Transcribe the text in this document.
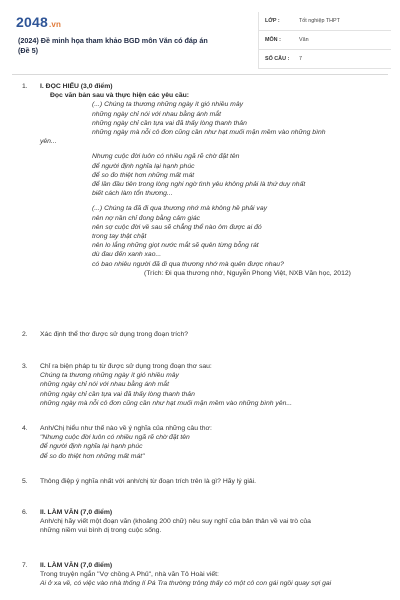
2048.vn
(2024) Đề minh họa tham khảo BGD môn Văn có đáp án
(Đề 5)
LỚP :	Tốt nghiệp THPT
MÔN :	Văn
SỐ CÂU :	7
1. I. ĐỌC HIỂU (3,0 điểm)
Đọc văn bản sau và thực hiện các yêu cầu:
(...) Chúng ta thương những ngày ít gió nhiều mây
những ngày chỉ nói với nhau bằng ánh mắt
những ngày chỉ cần tựa vai đã thấy lòng thanh thản
những ngày mà nỗi cô đơn cũng cần như hạt muối mặn mềm vào những bình
yên...
Nhưng cuộc đời luôn có nhiều ngã rẽ chờ đặt tên
để người định nghĩa lại hạnh phúc
để so đo thiệt hơn những mất mát
để lần đầu tiên trong lòng nghi ngờ tình yêu không phải là thứ duy nhất
biết cách làm tổn thương...
(...) Chúng ta đã đi qua thương nhớ mà không hề phải vay
nên nợ nần chỉ đong bằng cảm giác
nên sợ cuộc đời về sau sẽ chẳng thể nào ôm được ai đó
trong tay thật chặt
nên lo lắng những giọt nước mắt sẽ quên từng bỗng rát
dù đau đến xanh xao...
có bao nhiêu người đã đi qua thương nhớ mà quên được nhau?
(Trích: Đi qua thương nhớ, Nguyễn Phong Việt, NXB Văn học, 2012)
2. Xác định thể thơ được sử dụng trong đoạn trích?
3. Chỉ ra biện pháp tu từ được sử dụng trong đoạn thơ sau:
Chúng ta thương những ngày ít gió nhiều mây
những ngày chỉ nói với nhau bằng ánh mắt
những ngày chỉ cần tựa vai đã thấy lòng thanh thản
những ngày mà nỗi cô đơn cũng cần như hạt muối mặn mềm vào những bình yên...
4. Anh/Chị hiểu như thế nào về ý nghĩa của những câu thơ:
"Nhưng cuộc đời luôn có nhiều ngã rẽ chờ đặt tên
để người định nghĩa lại hạnh phúc
để so đo thiệt hơn những mất mát"
5. Thông điệp ý nghĩa nhất với anh/chị từ đoạn trích trên là gì? Hãy lý giải.
6. II. LÀM VĂN (7,0 điểm)
Anh/chị hãy viết một đoạn văn (khoảng 200 chữ) nêu suy nghĩ của bản thân về vai trò của
những niềm vui bình dị trong cuộc sống.
7. II. LÀM VĂN (7,0 điểm)
Trong truyện ngắn "Vợ chồng A Phủ", nhà văn Tô Hoài viết:
Ai ở xa về, có việc vào nhà thống lí Pá Tra thường trông thấy có một cô con gái ngồi quay sợi gai
